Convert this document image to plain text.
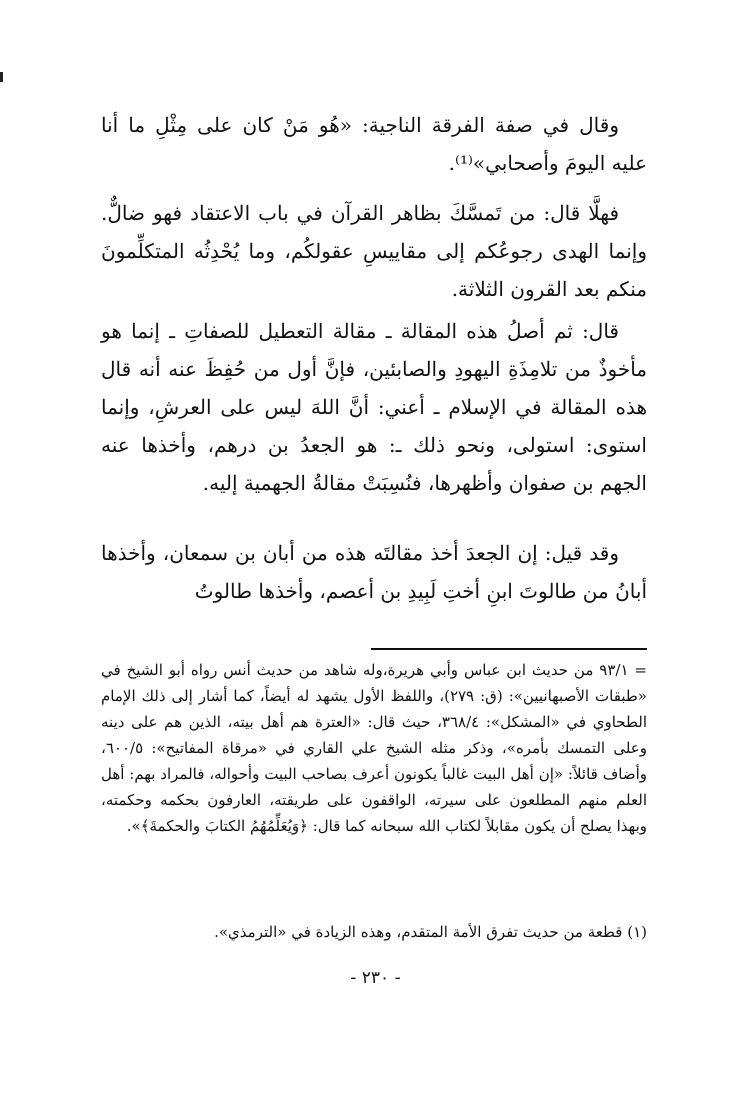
وقال في صفة الفرقة الناجية: «هُو مَنْ كان على مِثْلِ ما أنا عليه اليومَ وأصحابي»⁽¹⁾.

فهلَّا قال: من تَمسَّكَ بظاهر القرآن في باب الاعتقاد فهو ضالٌّ. وإنما الهدى رجوعُكم إلى مقاييسِ عقولكُم، وما يُحْدِثُه المتكلِّمونَ منكم بعد القرون الثلاثة.

قال: ثم أصلُ هذه المقالة ـ مقالة التعطيل للصفاتِ ـ إنما هو مأخوذٌ من تلامِذَةِ اليهودِ والصابئين، فإنَّ أول من حُفِظَ عنه أنه قال هذه المقالة في الإسلام ـ أعني: أنَّ اللهَ ليس على العرشِ، وإنما استوى: استولى، ونحو ذلك ـ: هو الجعدُ بن درهم، وأخذها عنه الجهم بن صفوان وأظهرها، فنُسِبَتْ مقالةُ الجهمية إليه.

وقد قيل: إن الجعدَ أخذ مقالتَه هذه من أبان بن سمعان، وأخذها أبانُ من طالوتَ ابنِ أختِ لَبِيدِ بن أعصم، وأخذها طالوتُ

= ٩٣/١ من حديث ابن عباس وأبي هريرة،وله شاهد من حديث أنس رواه أبو الشيخ في «طبقات الأصبهانيين»: (ق: ٢٧٩)، واللفظ الأول يشهد له أيضاً، كما أشار إلى ذلك الإمام الطحاوي في «المشكل»: ٣٦٨/٤، حيث قال: «العترة هم أهل بيته، الذين هم على دينه وعلى التمسك بأمره»، وذكر مثله الشيخ علي القاري في «مرقاة المفاتيح»: ٦٠٠/٥، وأضاف قائلاً: «إن أهل البيت غالباً يكونون أعرف بصاحب البيت وأحواله، فالمراد بهم: أهل العلم منهم المطلعون على سيرته، الواقفون على طريقته، العارفون بحكمه وحكمته، وبهذا يصلح أن يكون مقابلاً لكتاب الله سبحانه كما قال: ﴿وَيُعَلِّمُهُمُ الكتابَ والحكمةَ﴾».
(١) قطعة من حديث تفرق الأمة المتقدم، وهذه الزيادة في «الترمذي».
- ٢٣٠ -
